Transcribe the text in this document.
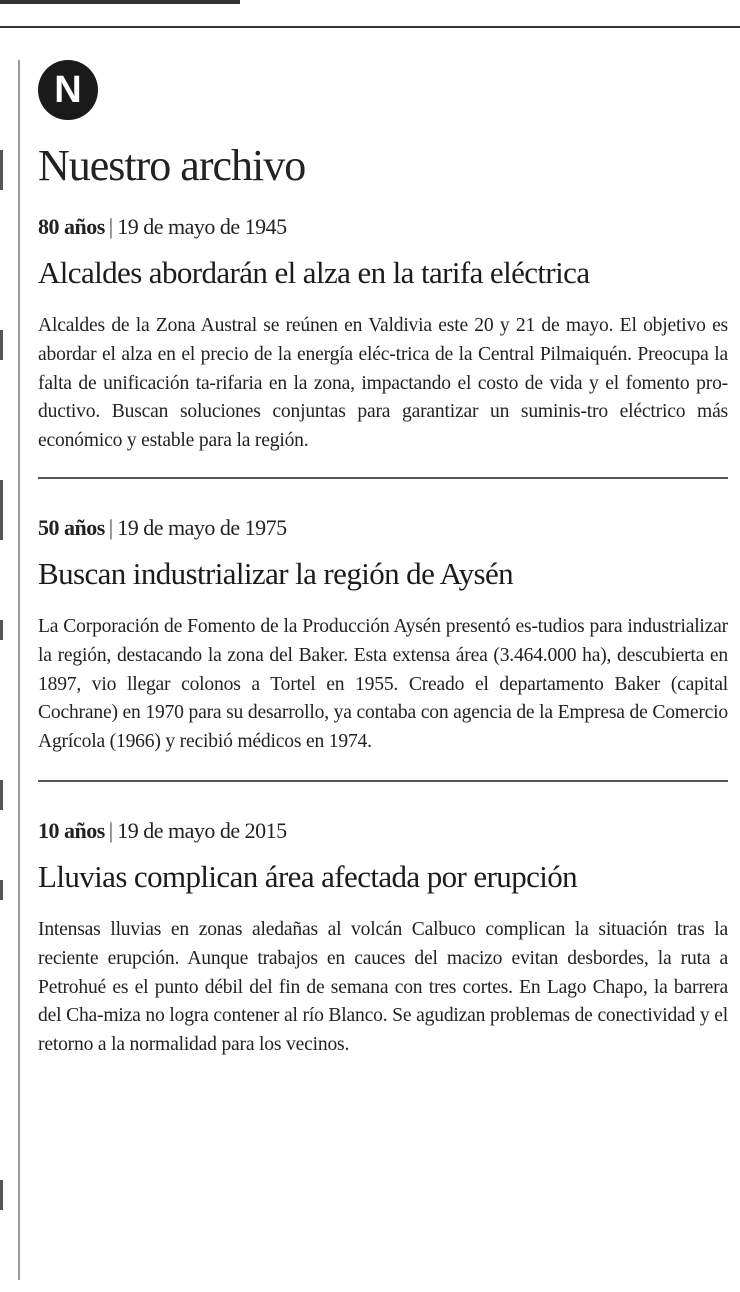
N
Nuestro archivo
80 años | 19 de mayo de 1945
Alcaldes abordarán el alza en la tarifa eléctrica

Alcaldes de la Zona Austral se reúnen en Valdivia este 20 y 21 de mayo. El objetivo es abordar el alza en el precio de la energía eléc-trica de la Central Pilmaiquén. Preocupa la falta de unificación ta-rifaria en la zona, impactando el costo de vida y el fomento pro-ductivo. Buscan soluciones conjuntas para garantizar un suminis-tro eléctrico más económico y estable para la región.

50 años | 19 de mayo de 1975
Buscan industrializar la región de Aysén

La Corporación de Fomento de la Producción Aysén presentó es-tudios para industrializar la región, destacando la zona del Baker. Esta extensa área (3.464.000 ha), descubierta en 1897, vio llegar colonos a Tortel en 1955. Creado el departamento Baker (capital Cochrane) en 1970 para su desarrollo, ya contaba con agencia de la Empresa de Comercio Agrícola (1966) y recibió médicos en 1974.

10 años | 19 de mayo de 2015
Lluvias complican área afectada por erupción

Intensas lluvias en zonas aledañas al volcán Calbuco complican la situación tras la reciente erupción. Aunque trabajos en cauces del macizo evitan desbordes, la ruta a Petrohué es el punto débil del fin de semana con tres cortes. En Lago Chapo, la barrera del Cha-miza no logra contener al río Blanco. Se agudizan problemas de conectividad y el retorno a la normalidad para los vecinos.
